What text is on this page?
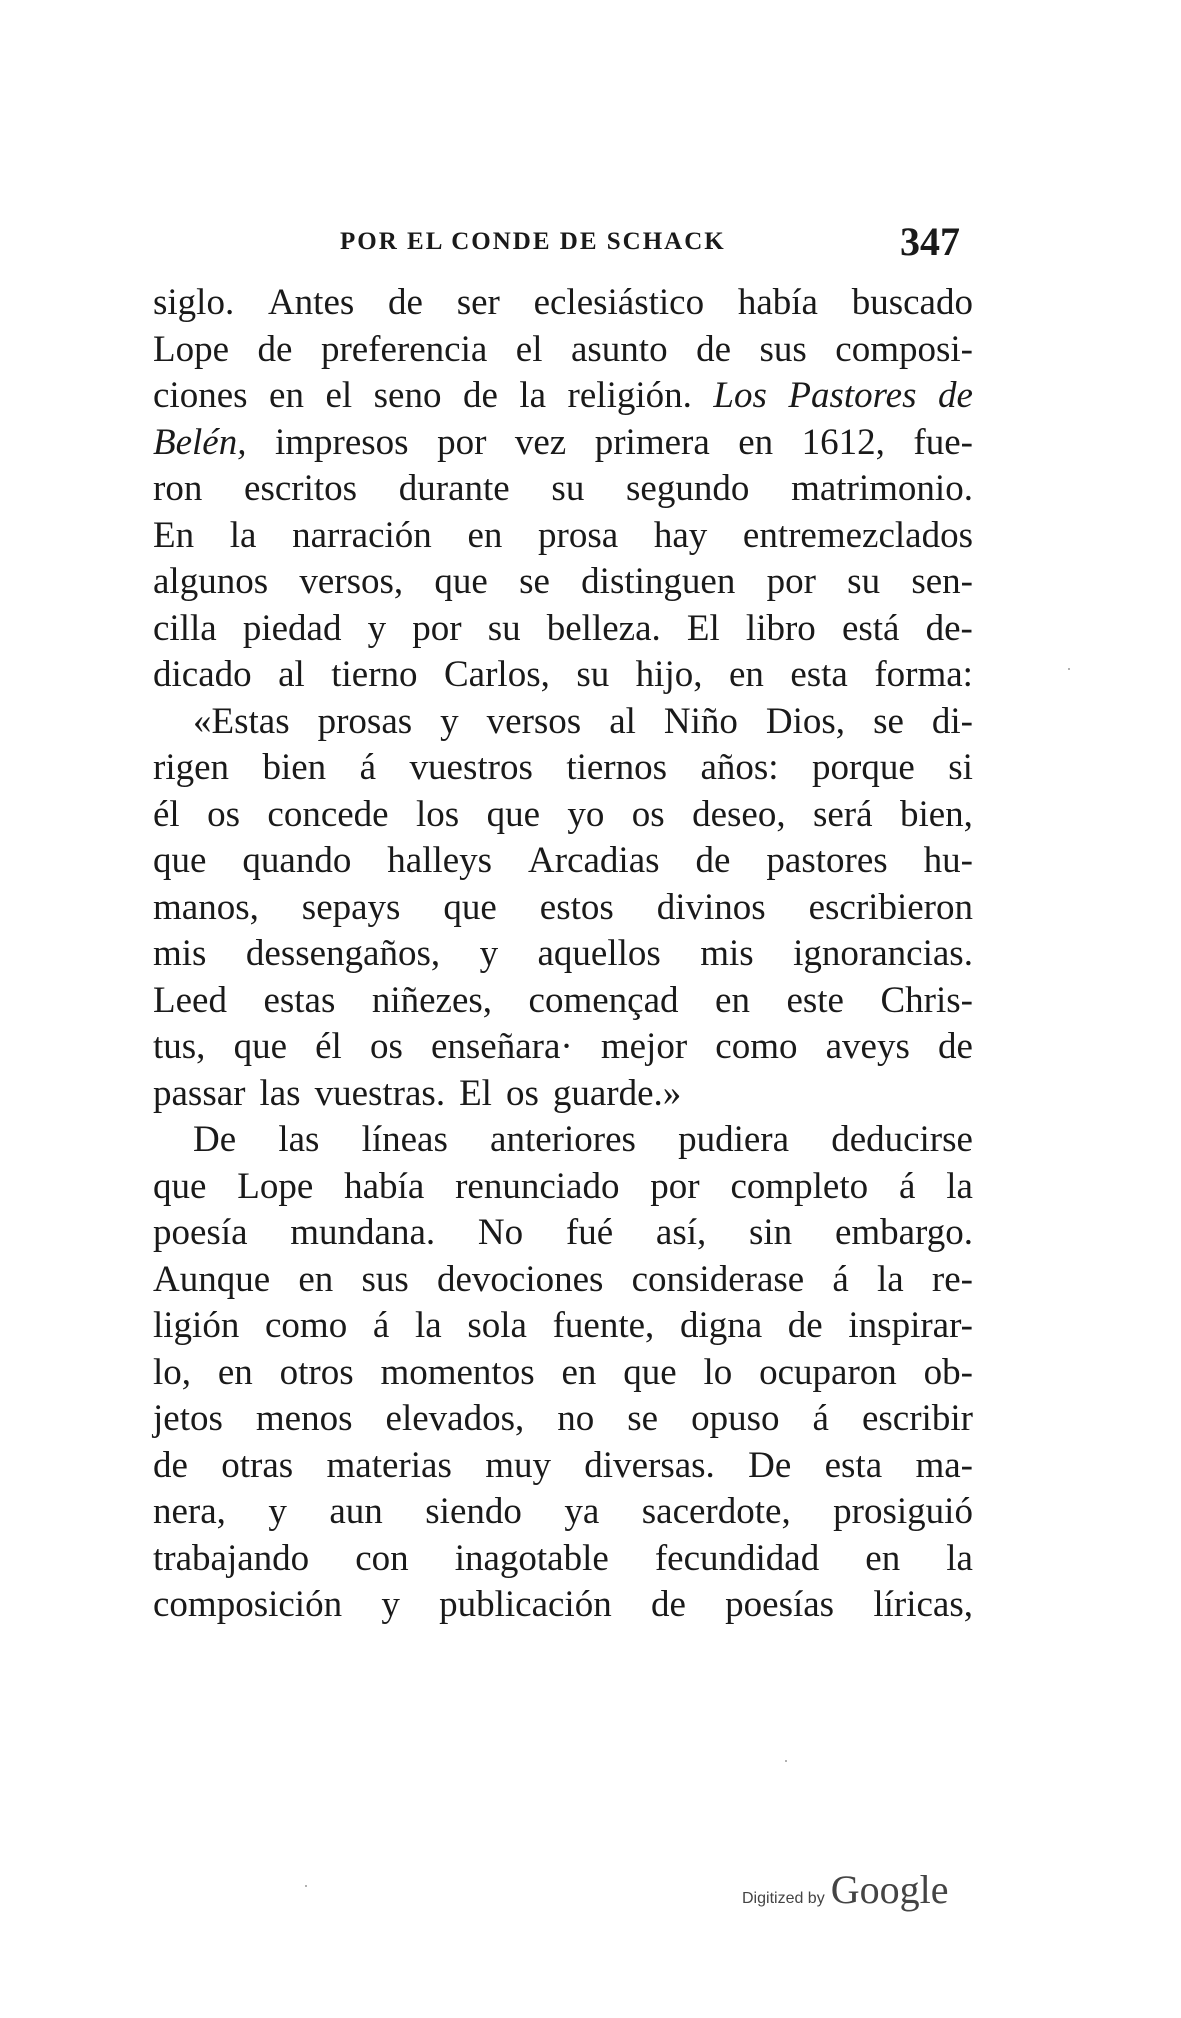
POR EL CONDE DE SCHACK	347
siglo. Antes de ser eclesiástico había buscado
Lope de preferencia el asunto de sus composi-
ciones en el seno de la religión. Los Pastores de
Belén, impresos por vez primera en 1612, fue-
ron escritos durante su segundo matrimonio.
En la narración en prosa hay entremezclados
algunos versos, que se distinguen por su sen-
cilla piedad y por su belleza. El libro está de-
dicado al tierno Carlos, su hijo, en esta forma:
«Estas prosas y versos al Niño Dios, se di-
rigen bien á vuestros tiernos años: porque si
él os concede los que yo os deseo, será bien,
que quando halleys Arcadias de pastores hu-
manos, sepays que estos divinos escribieron
mis dessengaños, y aquellos mis ignorancias.
Leed estas niñezes, començad en este Chris-
tus, que él os enseñara· mejor como aveys de
passar las vuestras. El os guarde.»
De las líneas anteriores pudiera deducirse
que Lope había renunciado por completo á la
poesía mundana. No fué así, sin embargo.
Aunque en sus devociones considerase á la re-
ligión como á la sola fuente, digna de inspirar-
lo, en otros momentos en que lo ocuparon ob-
jetos menos elevados, no se opuso á escribir
de otras materias muy diversas. De esta ma-
nera, y aun siendo ya sacerdote, prosiguió
trabajando con inagotable fecundidad en la
composición y publicación de poesías líricas,
Digitized by Google
